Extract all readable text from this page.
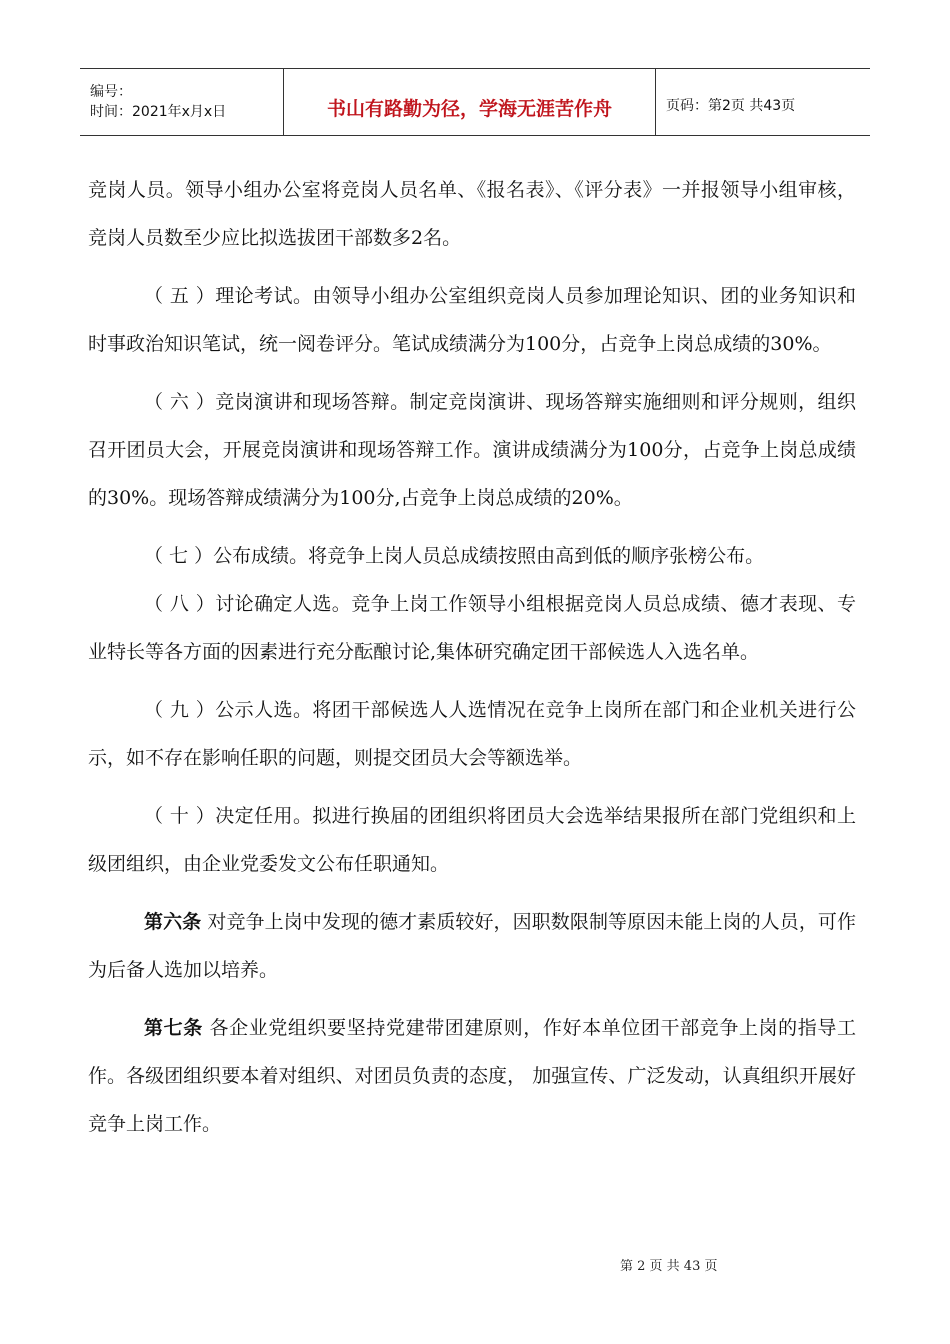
编号：
时间：2021年x月x日	书山有路勤为径，学海无涯苦作舟	页码：第2页 共43页

竞岗人员。领导小组办公室将竞岗人员名单、《报名表》、《评分表》一并报领导小组审核， 竞岗人员数至少应比拟选拔团干部数多2名。

（ 五 ）理论考试。由领导小组办公室组织竞岗人员参加理论知识、团的业务知识和时事政治知识笔试，统一阅卷评分。笔试成绩满分为100分，占竞争上岗总成绩的30%。

（ 六 ）竞岗演讲和现场答辩。制定竞岗演讲、现场答辩实施细则和评分规则，组织召开团员大会，开展竞岗演讲和现场答辩工作。演讲成绩满分为100分，占竞争上岗总成绩的30%。现场答辩成绩满分为100分,占竞争上岗总成绩的20%。

（ 七 ）公布成绩。将竞争上岗人员总成绩按照由高到低的顺序张榜公布。

（ 八 ）讨论确定人选。竞争上岗工作领导小组根据竞岗人员总成绩、德才表现、专业特长等各方面的因素进行充分酝酿讨论,集体研究确定团干部候选人入选名单。

（ 九 ）公示人选。将团干部候选人人选情况在竞争上岗所在部门和企业机关进行公示，如不存在影响任职的问题，则提交团员大会等额选举。

（ 十 ）决定任用。拟进行换届的团组织将团员大会选举结果报所在部门党组织和上级团组织，由企业党委发文公布任职通知。

第六条 对竞争上岗中发现的德才素质较好，因职数限制等原因未能上岗的人员，可作为后备人选加以培养。

第七条 各企业党组织要坚持党建带团建原则，作好本单位团干部竞争上岗的指导工作。各级团组织要本着对组织、对团员负责的态度， 加强宣传、广泛发动，认真组织开展好竞争上岗工作。

第 2 页 共 43 页
